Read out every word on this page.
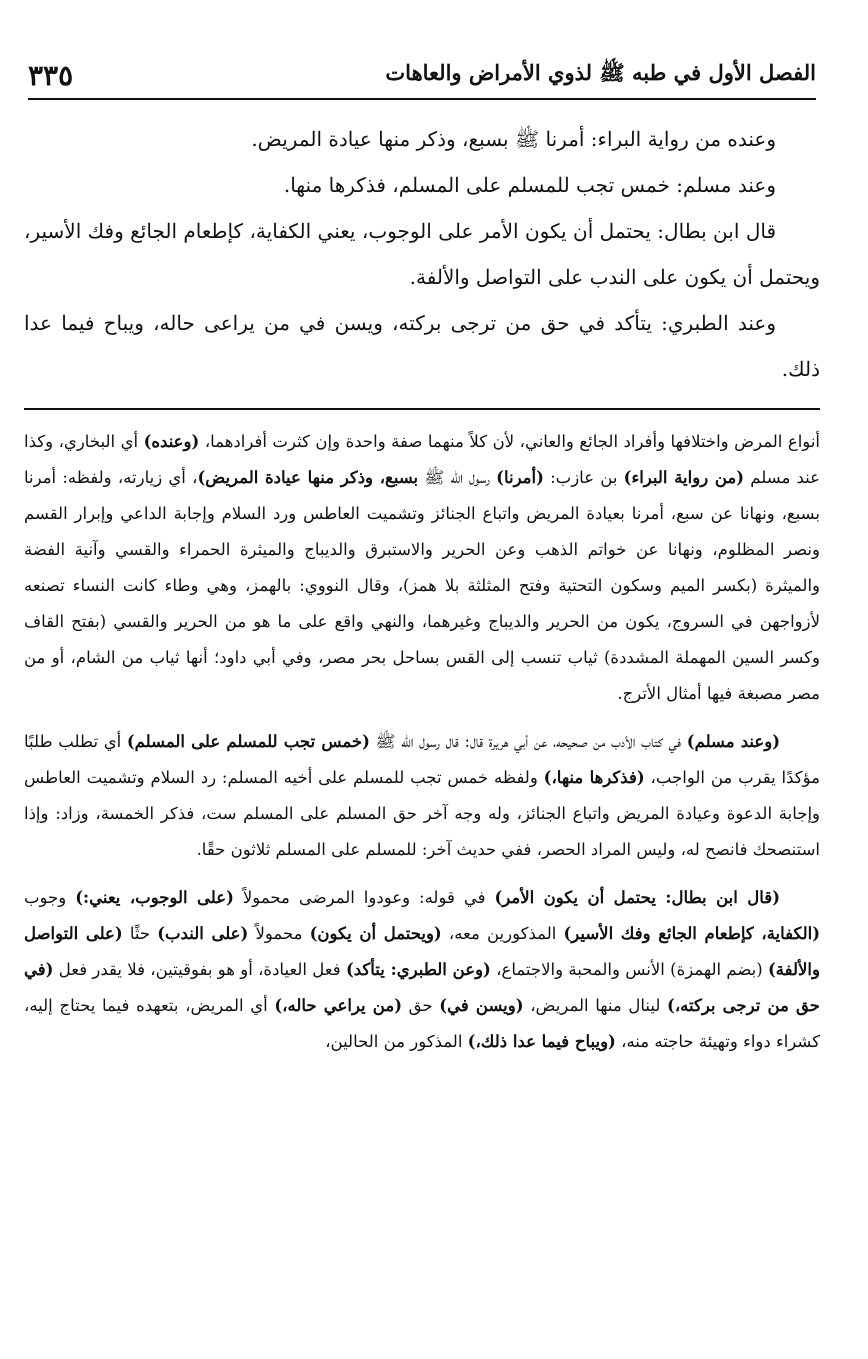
الفصل الأول في طبه ﷺ لذوي الأمراض والعاهات
٣٣٥

وعنده من رواية البراء: أمرنا ﷺ بسبع، وذكر منها عيادة المريض.

وعند مسلم: خمس تجب للمسلم على المسلم، فذكرها منها.

قال ابن بطال: يحتمل أن يكون الأمر على الوجوب، يعني الكفاية، كإطعام الجائع وفك الأسير، ويحتمل أن يكون على الندب على التواصل والألفة.

وعند الطبري: يتأكد في حق من ترجى بركته، ويسن في من يراعى حاله، ويباح فيما عدا ذلك.

أنواع المرض واختلافها وأفراد الجائع والعاني، لأن كلاً منهما صفة واحدة وإن كثرت أفرادهما، (وعنده) أي البخاري، وكذا عند مسلم (من رواية البراء) بن عازب: (أمرنا) رسول الله ﷺ بسبع، وذكر منها عيادة المريض)، أي زيارته، ولفظه: أمرنا بسبع، ونهانا عن سبع، أمرنا بعيادة المريض واتباع الجنائز وتشميت العاطس ورد السلام وإجابة الداعي وإبرار القسم ونصر المظلوم، ونهانا عن خواتم الذهب وعن الحرير والاستبرق والديباج والميثرة الحمراء والقسي وآنية الفضة والميثرة (بكسر الميم وسكون التحتية وفتح المثلثة بلا همز)، وقال النووي: بالهمز، وهي وطاء كانت النساء تصنعه لأزواجهن في السروج، يكون من الحرير والديباج وغيرهما، والنهي واقع على ما هو من الحرير والقسي (بفتح القاف وكسر السين المهملة المشددة) ثياب تنسب إلى القس بساحل بحر مصر، وفي أبي داود؛ أنها ثياب من الشام، أو من مصر مصبغة فيها أمثال الأترج.

(وعند مسلم) في كتاب الأدب من صحيحه، عن أبي هريرة قال: قال رسول الله ﷺ (خمس تجب للمسلم على المسلم) أي تطلب طلبًا مؤكدًا يقرب من الواجب، (فذكرها منها،) ولفظه خمس تجب للمسلم على أخيه المسلم: رد السلام وتشميت العاطس وإجابة الدعوة وعيادة المريض واتباع الجنائز، وله وجه آخر حق المسلم على المسلم ست، فذكر الخمسة، وزاد: وإذا استنصحك فانصح له، وليس المراد الحصر، ففي حديث آخر: للمسلم على المسلم ثلاثون حقًا.

(قال ابن بطال: يحتمل أن يكون الأمر) في قوله: وعودوا المرضى محمولاً (على الوجوب، يعني:) وجوب (الكفاية، كإطعام الجائع وفك الأسير) المذكورين معه، (ويحتمل أن يكون) محمولاً (على الندب) حثًا (على التواصل والألفة) (بضم الهمزة) الأنس والمحبة والاجتماع، (وعن الطبري: يتأكد) فعل العيادة، أو هو بفوقيتين، فلا يقدر فعل (في حق من ترجى بركته،) لينال منها المريض، (ويسن في) حق (من يراعي حاله،) أي المريض، بتعهده فيما يحتاج إليه، كشراء دواء وتهيئة حاجته منه، (ويباح فيما عدا ذلك،) المذكور من الحالين،
